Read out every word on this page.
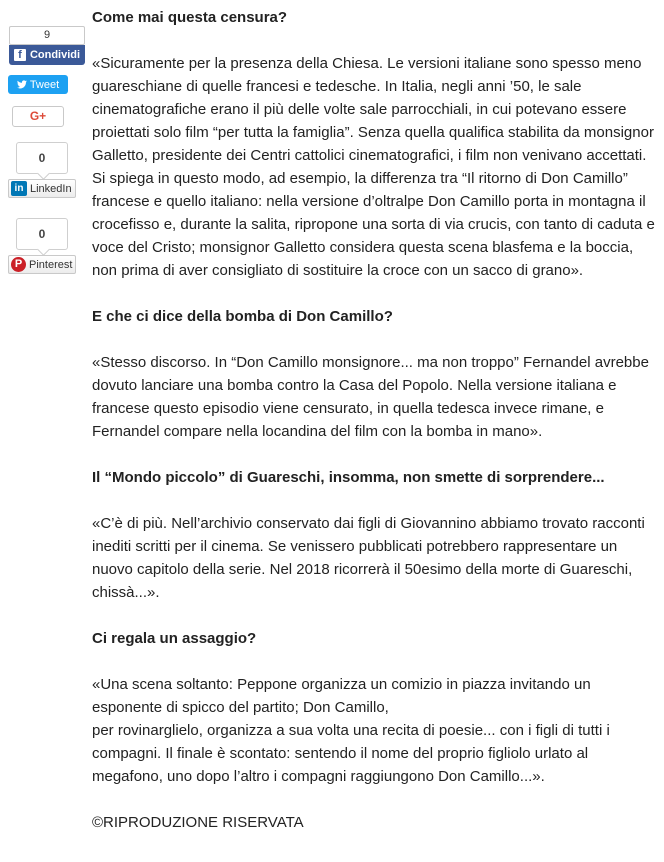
9
f Condividi
Tweet
G+
0
in LinkedIn
0
P Pinterest

Come mai questa censura?

«Sicuramente per la presenza della Chiesa. Le versioni italiane sono spesso meno guareschiane di quelle francesi e tedesche. In Italia, negli anni ’50, le sale cinematografiche erano il più delle volte sale parrocchiali, in cui potevano essere proiettati solo film “per tutta la famiglia”. Senza quella qualifica stabilita da monsignor Galletto, presidente dei Centri cattolici cinematografici, i film non venivano accettati. Si spiega in questo modo, ad esempio, la differenza tra “Il ritorno di Don Camillo” francese e quello italiano: nella versione d’oltralpe Don Camillo porta in montagna il crocefisso e, durante la salita, ripropone una sorta di via crucis, con tanto di caduta e voce del Cristo; monsignor Galletto considera questa scena blasfema e la boccia, non prima di aver consigliato di sostituire la croce con un sacco di grano».

E che ci dice della bomba di Don Camillo?

«Stesso discorso. In “Don Camillo monsignore... ma non troppo” Fernandel avrebbe dovuto lanciare una bomba contro la Casa del Popolo. Nella versione italiana e francese questo episodio viene censurato, in quella tedesca invece rimane, e Fernandel compare nella locandina del film con la bomba in mano».

Il “Mondo piccolo” di Guareschi, insomma, non smette di sorprendere...

«C’è di più. Nell’archivio conservato dai figli di Giovannino abbiamo trovato racconti inediti scritti per il cinema. Se venissero pubblicati potrebbero rappresentare un nuovo capitolo della serie. Nel 2018 ricorrerà il 50esimo della morte di Guareschi, chissà...».

Ci regala un assaggio?

«Una scena soltanto: Peppone organizza un comizio in piazza invitando un esponente di spicco del partito; Don Camillo,

per rovinarglielo, organizza a sua volta una recita di poesie... con i figli di tutti i compagni. Il finale è scontato: sentendo il nome del proprio figliolo urlato al megafono, uno dopo l’altro i compagni raggiungono Don Camillo...».

©RIPRODUZIONE RISERVATA
